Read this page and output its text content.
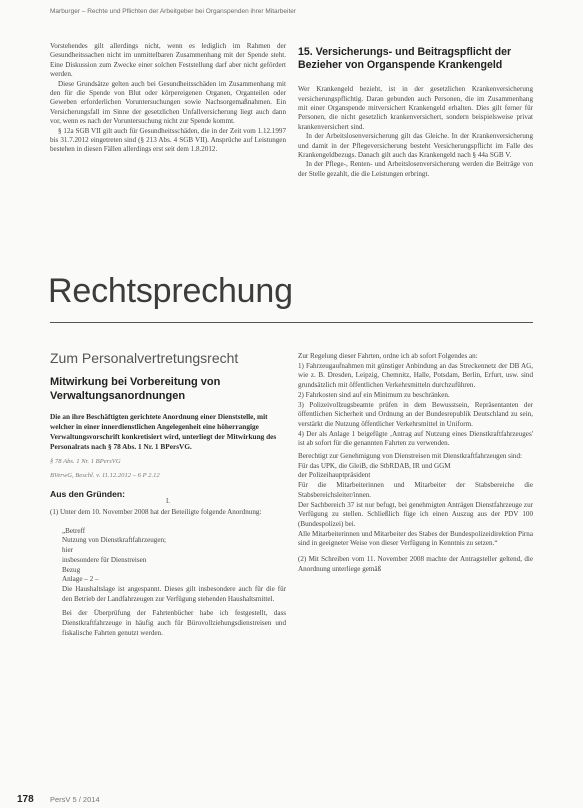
Marburger – Rechte und Pflichten der Arbeitgeber bei Organspenden ihrer Mitarbeiter
Vorstehendes gilt allerdings nicht, wenn es lediglich im Rahmen der Gesundheitssachen nicht im unmittelbaren Zusammenhang mit der Spende steht. Eine Diskussion zum Zwecke einer solchen Feststellung darf aber nicht gefördert werden.
Diese Grundsätze gelten auch bei Gesundheitsschäden im Zusammenhang mit den für die Spende von Blut oder körpereigenen Organen, Organteilen oder Geweben erforderlichen Voruntersuchungen sowie Nachsorgemaßnahmen. Ein Versicherungsfall im Sinne der gesetzlichen Unfallversicherung liegt auch dann vor, wenn es nach der Voruntersuchung nicht zur Spende kommt.
§ 12a SGB VII gilt auch für Gesundheitsschäden, die in der Zeit vom 1.12.1997 bis 31.7.2012 eingetreten sind (§ 213 Abs. 4 SGB VII). Ansprüche auf Leistungen bestehen in diesen Fällen allerdings erst seit dem 1.8.2012.
15. Versicherungs- und Beitragspflicht der Bezieher von Organspende Krankengeld
Wer Krankengeld bezieht, ist in der gesetzlichen Krankenversicherung versicherungspflichtig. Daran gebunden auch Personen, die im Zusammenhang mit einer Organspende mitversichert Krankengeld erhalten. Dies gilt ferner für Personen, die nicht gesetzlich krankenversichert, sondern beispielsweise privat krankenversichert sind.
In der Arbeitslosenversicherung gilt das Gleiche. In der Krankenversicherung und damit in der Pflegeversicherung besteht Versicherungspflicht im Falle des Krankengeldbezugs. Danach gilt auch das Krankengeld nach § 44a SGB V.
In der Pflege-, Renten- und Arbeitslosenversicherung werden die Beiträge von der Stelle gezahlt, die die Leistungen erbringt.
Rechtsprechung
Zum Personalvertretungsrecht
Mitwirkung bei Vorbereitung von Verwaltungsanordnungen
Die an ihre Beschäftigten gerichtete Anordnung einer Dienststelle, mit welcher in einer innerdienstlichen Angelegenheit eine höherrangige Verwaltungsvorschrift konkretisiert wird, unterliegt der Mitwirkung des Personalrats nach § 78 Abs. 1 Nr. 1 BPersVG.
§ 78 Abs. 1 Nr. 1 BPersVG
BVerwG, Beschl. v. 11.12.2012 – 6 P 2.12
Aus den Gründen:
I.
(1) Unter dem 10. November 2008 hat der Beteiligte folgende Anordnung:
„Betreff
Nutzung von Dienstkraftfahrzeugen;
hier
insbesondere für Dienstreisen
Bezug
Anlage – 2 –
Die Haushaltslage ist angespannt. Dieses gilt insbesondere auch für die für den Betrieb der Landfahrzeugen zur Verfügung stehenden Haushaltsmittel.
Bei der Überprüfung der Fahrtenbücher habe ich festgestellt, dass Dienstkraftfahrzeuge in häufig auch für Bürovollziehungsdienstreisen und fiskalische Fahrten genutzt werden.
Zur Regelung dieser Fahrten, ordne ich ab sofort Folgendes an:
1) Fahrzeugaufnahmen mit günstiger Anbindung an das Streckennetz der DB AG, wie z. B. Dresden, Leipzig, Chemnitz, Halle, Potsdam, Berlin, Erfurt, usw. sind grundsätzlich mit öffentlichen Verkehrsmitteln durchzuführen.
2) Fahrkosten sind auf ein Minimum zu beschränken.
3) Polizeivollzugsbeamte prüfen in dem Bewusstsein, Repräsentanten der öffentlichen Sicherheit und Ordnung an der Bundesrepublik Deutschland zu sein, verstärkt die Nutzung öffentlicher Verkehrsmittel in Uniform.
4) Der als Anlage 1 beigefügte ‚Antrag auf Nutzung eines Dienstkraftfahrzeuges' ist ab sofort für die genannten Fahrten zu verwenden.
Berechtigt zur Genehmigung von Dienstreisen mit Dienstkraftfahrzeugen sind:
Für das UPK, die GleiB, die StbRDAB, IR und GGM
der Polizeihauptpräsident
Für die Mitarbeiterinnen und Mitarbeiter der Stabsbereiche die Stabsbereichsleiter/innen.
Der Sachbereich 37 ist nur befugt, bei genehmigten Anträgen Dienstfahrzeuge zur Verfügung zu stellen. Schließlich füge ich einen Auszug aus der PDV 100 (Bundespolizei) bei.
Alle Mitarbeiterinnen und Mitarbeiter des Stabes der Bundespolizeidirektion Pirna sind in geeigneter Weise von dieser Verfügung in Kenntnis zu setzen.“
(2) Mit Schreiben vom 11. November 2008 machte der Antragsteller geltend, die Anordnung unterliege gemäß
178 PersV 5 / 2014
